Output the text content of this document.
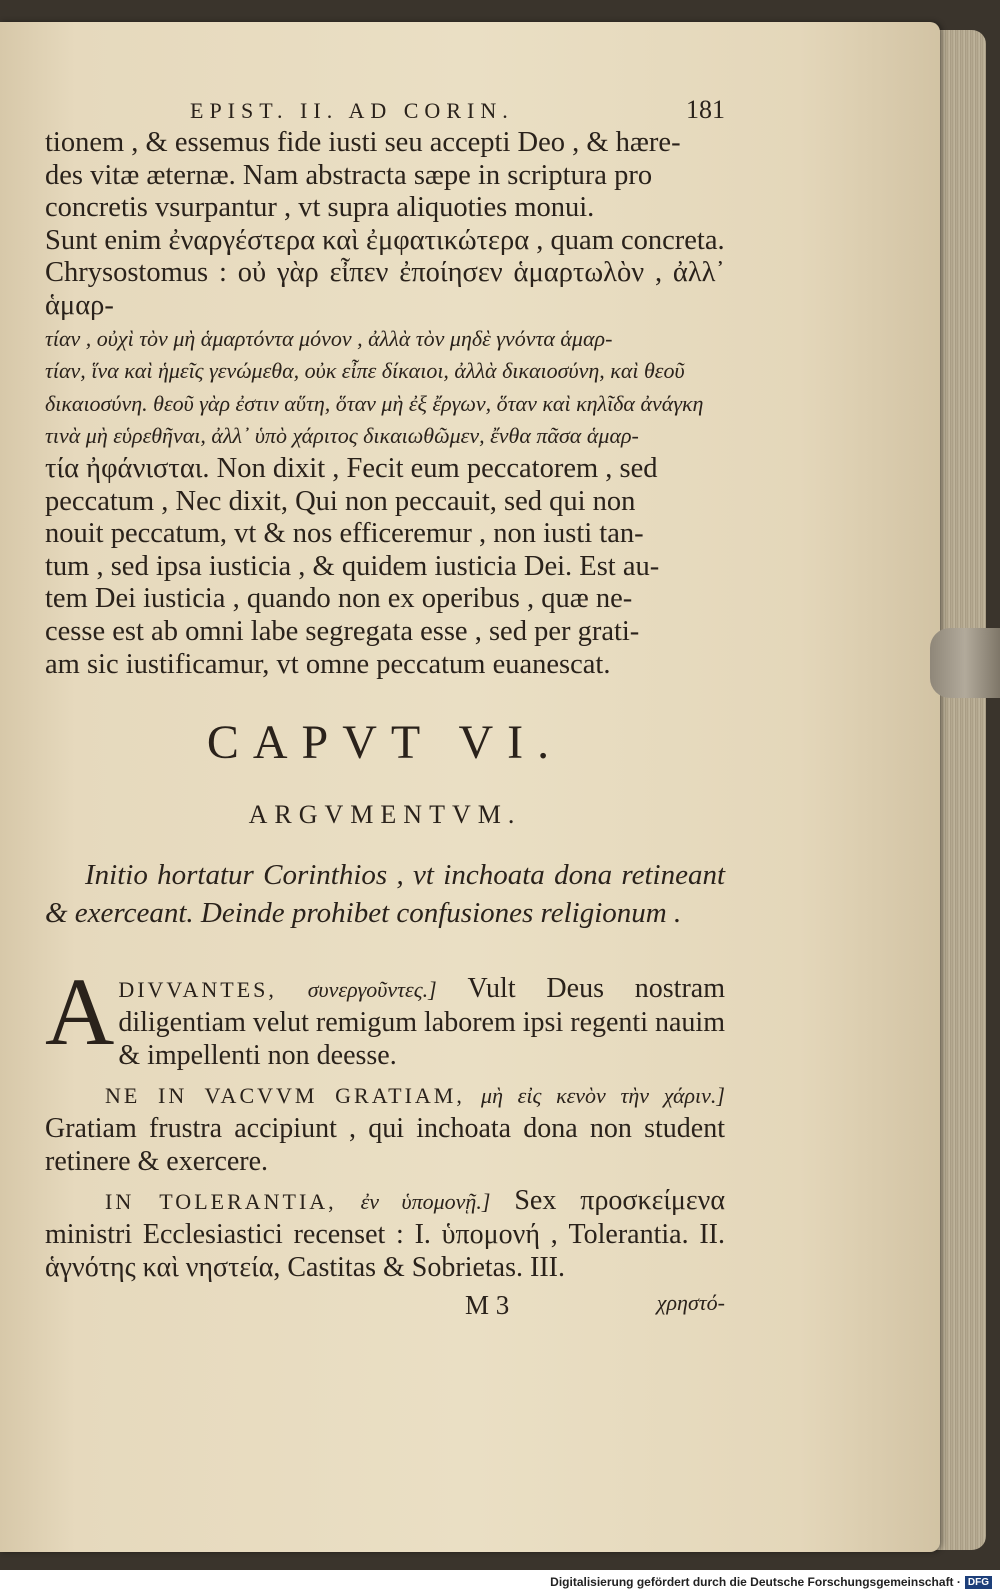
EPIST. II. AD CORIN.	181

tionem , & essemus fide iusti seu accepti Deo , & hære-

des vitæ æternæ. Nam abstracta sæpe in scriptura pro

concretis vsurpantur , vt supra aliquoties monui.

Sunt enim ἐναργέστερα καὶ ἐμφατικώτερα , quam concreta.

Chrysostomus : οὐ γὰρ εἶπεν ἐποίησεν ἁμαρτωλὸν , ἀλλ᾽ ἁμαρ-

τίαν , οὐχὶ τὸν μὴ ἁμαρτόντα μόνον , ἀλλὰ τὸν μηδὲ γνόντα ἁμαρ-

τίαν, ἵνα καὶ ἡμεῖς γενώμεθα, οὐκ εἶπε δίκαιοι, ἀλλὰ δικαιοσύνη, καὶ θεοῦ

δικαιοσύνη. θεοῦ γὰρ ἐστιν αὕτη, ὅταν μὴ ἐξ ἔργων, ὅταν καὶ κηλῖδα ἀνάγκη

τινὰ μὴ εὑρεθῆναι, ἀλλ᾽ ὑπὸ χάριτος δικαιωθῶμεν, ἔνθα πᾶσα ἁμαρ-

τία ἠφάνισται. Non dixit , Fecit eum peccatorem , sed

peccatum , Nec dixit, Qui non peccauit, sed qui non

nouit peccatum, vt & nos efficeremur , non iusti tan-

tum , sed ipsa iusticia , & quidem iusticia Dei. Est au-

tem Dei iusticia , quando non ex operibus , quæ ne-

cesse est ab omni labe segregata esse , sed per grati-

am sic iustificamur, vt omne peccatum euanescat.

CAPVT VI.
ARGVMENTVM.
Initio hortatur Corinthios , vt inchoata dona retineant & exerceant. Deinde prohibet confusiones religionum .

A DIVVANTES, συνεργοῦντες.] Vult Deus nostram diligentiam velut remigum laborem ipsi regenti nauim & impellenti non deesse.

NE IN VACVVM GRATIAM, μὴ εἰς κενὸν τὴν χάριν.] Gratiam frustra accipiunt , qui inchoata dona non student retinere & exercere.

IN TOLERANTIA, ἐν ὑπομονῇ.] Sex προσκείμενα ministri Ecclesiastici recenset : I. ὑπομονή , Tolerantia. II. ἁγνότης καὶ νηστεία, Castitas & Sobrietas. III.

M 3	χρηστό-
Digitalisierung gefördert durch die Deutsche Forschungsgemeinschaft · DFG
